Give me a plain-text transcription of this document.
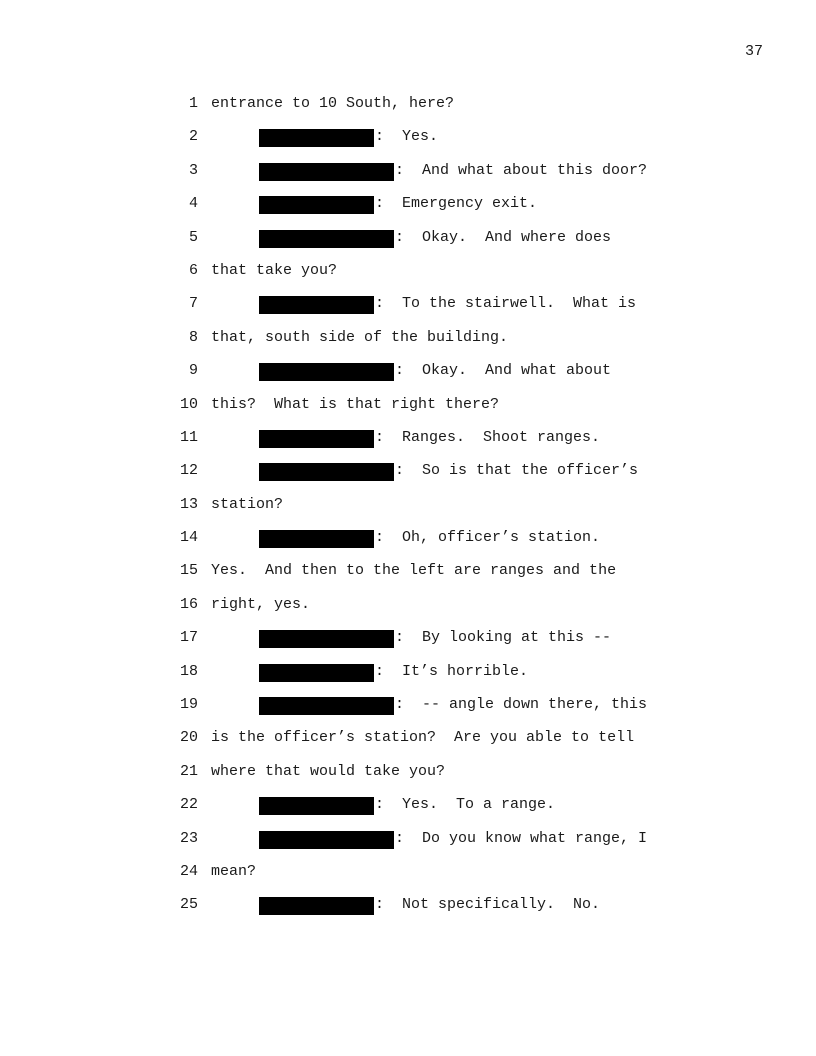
37
1 entrance to 10 South, here?
2	:  Yes.
3	:  And what about this door?
4	:  Emergency exit.
5	:  Okay.  And where does
6 that take you?
7	:  To the stairwell.  What is
8 that, south side of the building.
9	:  Okay.  And what about
10 this?  What is that right there?
11	:  Ranges.  Shoot ranges.
12	:  So is that the officer’s
13 station?
14	:  Oh, officer’s station.
15 Yes.  And then to the left are ranges and the
16 right, yes.
17	:  By looking at this --
18	:  It’s horrible.
19	:  -- angle down there, this
20 is the officer’s station?  Are you able to tell
21 where that would take you?
22	:  Yes.  To a range.
23	:  Do you know what range, I
24 mean?
25	:  Not specifically.  No.
